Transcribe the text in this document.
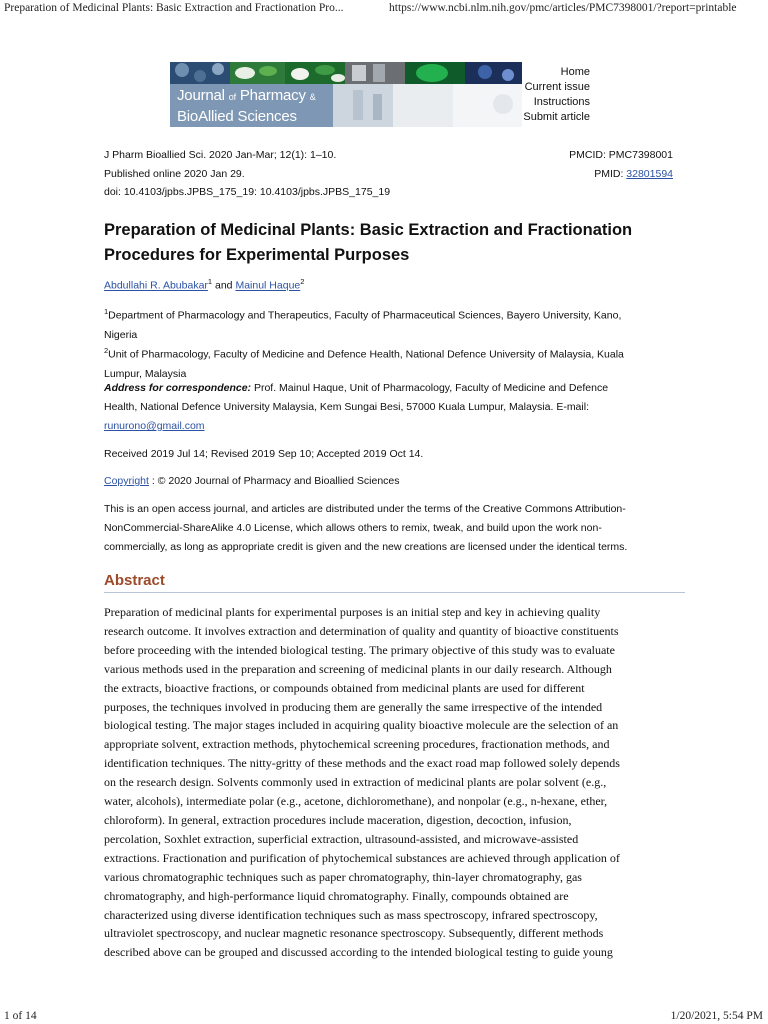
Preparation of Medicinal Plants: Basic Extraction and Fractionation Pro...	https://www.ncbi.nlm.nih.gov/pmc/articles/PMC7398001/?report=printable
Journal of Pharmacy &
BioAllied Sciences
Home
Current issue
Instructions
Submit article
J Pharm Bioallied Sci. 2020 Jan-Mar; 12(1): 1–10.
Published online 2020 Jan 29.
doi: 10.4103/jpbs.JPBS_175_19: 10.4103/jpbs.JPBS_175_19
PMCID: PMC7398001
PMID: 32801594
Preparation of Medicinal Plants: Basic Extraction and Fractionation
Procedures for Experimental Purposes
Abdullahi R. Abubakar$^1$ and Mainul Haque$^2$
$^1$Department of Pharmacology and Therapeutics, Faculty of Pharmaceutical Sciences, Bayero University, Kano,
Nigeria
$^2$Unit of Pharmacology, Faculty of Medicine and Defence Health, National Defence University of Malaysia, Kuala
Lumpur, Malaysia
Address for correspondence: Prof. Mainul Haque, Unit of Pharmacology, Faculty of Medicine and Defence
Health, National Defence University Malaysia, Kem Sungai Besi, 57000 Kuala Lumpur, Malaysia. E-mail:
runurono@gmail.com
Received 2019 Jul 14; Revised 2019 Sep 10; Accepted 2019 Oct 14.
Copyright : © 2020 Journal of Pharmacy and Bioallied Sciences
This is an open access journal, and articles are distributed under the terms of the Creative Commons Attribution-
NonCommercial-ShareAlike 4.0 License, which allows others to remix, tweak, and build upon the work non-
commercially, as long as appropriate credit is given and the new creations are licensed under the identical terms.
Abstract
Preparation of medicinal plants for experimental purposes is an initial step and key in achieving quality
research outcome. It involves extraction and determination of quality and quantity of bioactive constituents
before proceeding with the intended biological testing. The primary objective of this study was to evaluate
various methods used in the preparation and screening of medicinal plants in our daily research. Although
the extracts, bioactive fractions, or compounds obtained from medicinal plants are used for different
purposes, the techniques involved in producing them are generally the same irrespective of the intended
biological testing. The major stages included in acquiring quality bioactive molecule are the selection of an
appropriate solvent, extraction methods, phytochemical screening procedures, fractionation methods, and
identification techniques. The nitty-gritty of these methods and the exact road map followed solely depends
on the research design. Solvents commonly used in extraction of medicinal plants are polar solvent (e.g.,
water, alcohols), intermediate polar (e.g., acetone, dichloromethane), and nonpolar (e.g., n-hexane, ether,
chloroform). In general, extraction procedures include maceration, digestion, decoction, infusion,
percolation, Soxhlet extraction, superficial extraction, ultrasound-assisted, and microwave-assisted
extractions. Fractionation and purification of phytochemical substances are achieved through application of
various chromatographic techniques such as paper chromatography, thin-layer chromatography, gas
chromatography, and high-performance liquid chromatography. Finally, compounds obtained are
characterized using diverse identification techniques such as mass spectroscopy, infrared spectroscopy,
ultraviolet spectroscopy, and nuclear magnetic resonance spectroscopy. Subsequently, different methods
described above can be grouped and discussed according to the intended biological testing to guide young
1 of 14	1/20/2021, 5:54 PM
